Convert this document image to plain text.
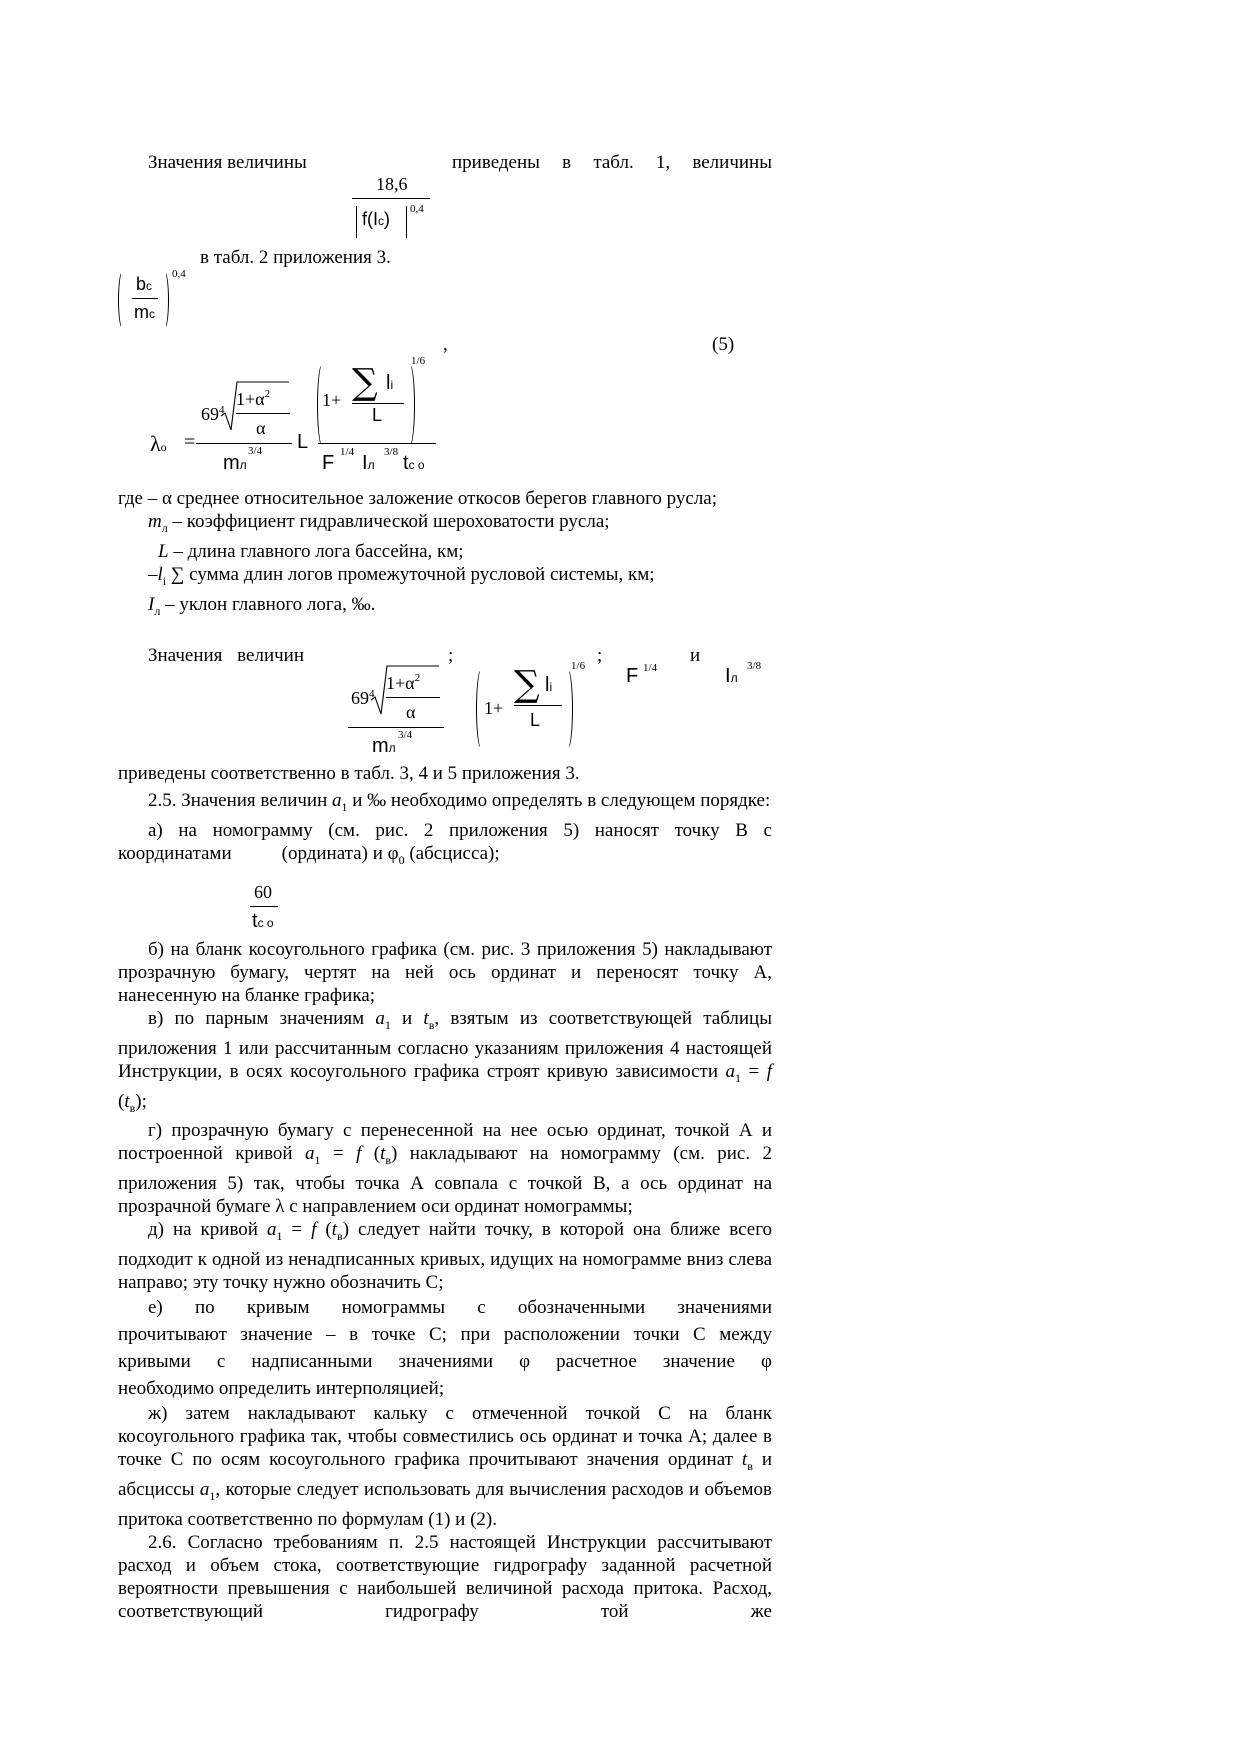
Значения величины	приведены в табл. 1, величины
18,6
f(Ic) 0,4
в табл. 2 приложения 3.
bc
mc
0,4
,	(5)
λo =
69 4
$1+\alpha^2$
α
mл
3/4 L
1+ ∑ li
L
1/6
F 1/4 Iл
3/8 tc o

где – α среднее относительное заложение откосов берегов главного русла;

$m_л$ – коэффициент гидравлической шероховатости русла;

L – длина главного лога бассейна, км;

$-l_i$ ∑ сумма длин логов промежуточной русловой системы, км;

$I_л$ – уклон главного лога, ‰.

Значения величин	;	;	и
69 4
$1+\alpha^2$
α
mл
3/4
1+
∑ li
L
1/6 F 1/4	Iл
3/8
приведены соответственно в табл. 3, 4 и 5 приложения 3.

2.5. Значения величин $a_1$ и ‰ необходимо определять в следующем порядке:

а) на номограмму (см. рис. 2 приложения 5) наносят точку В с

координатами	(ордината) и $\varphi_0$ (абсцисса);

60
tc o

б) на бланк косоугольного графика (см. рис. 3 приложения 5) накладывают прозрачную бумагу, чертят на ней ось ординат и переносят точку А, нанесенную на бланке графика;

в) по парным значениям $a_1$ и $t_в$, взятым из соответствующей таблицы приложения 1 или рассчитанным согласно указаниям приложения 4 настоящей Инструкции, в осях косоугольного графика строят кривую зависимости $a_1 = f$ $(t_в)$;

г) прозрачную бумагу с перенесенной на нее осью ординат, точкой А и построенной кривой $a_1 = f$ $(t_в)$ накладывают на номограмму (см. рис. 2 приложения 5) так, чтобы точка А совпала с точкой В, а ось ординат на прозрачной бумаге λ с направлением оси ординат номограммы;

д) на кривой $a_1 = f$ $(t_в)$ следует найти точку, в которой она ближе всего подходит к одной из ненадписанных кривых, идущих на номограмме вниз слева направо; эту точку нужно обозначить С;

е) по кривым номограммы с обозначенными значениями

прочитывают значение – в точке С; при расположении точки С между

кривыми с надписанными значениями φ расчетное значение φ

необходимо определить интерполяцией;

ж) затем накладывают кальку с отмеченной точкой С на бланк косоугольного графика так, чтобы совместились ось ординат и точка А; далее в точке С по осям косоугольного графика прочитывают значения ординат $t_в$ и абсциссы $a_1$, которые следует использовать для вычисления расходов и объемов притока соответственно по формулам (1) и (2).

2.6. Согласно требованиям п. 2.5 настоящей Инструкции рассчитывают расход и объем стока, соответствующие гидрографу заданной расчетной вероятности превышения с наибольшей величиной расхода притока. Расход, соответствующий гидрографу той же
